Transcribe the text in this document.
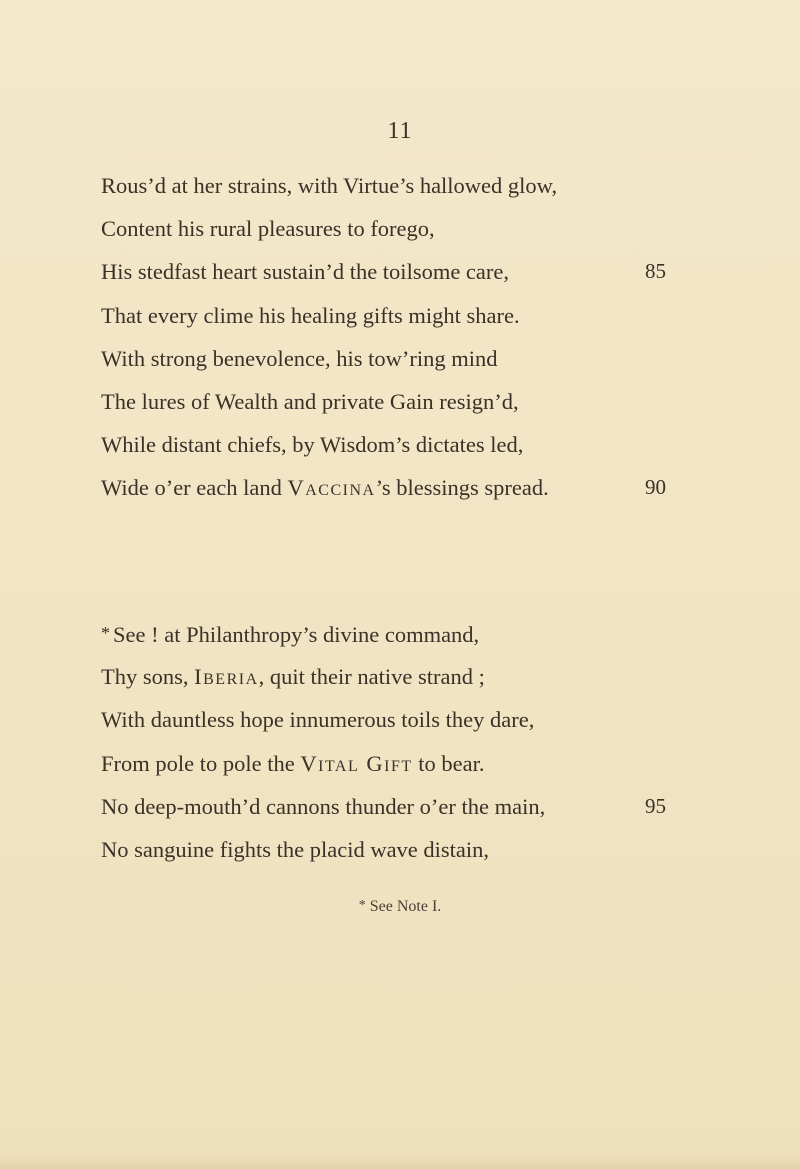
11
Rous’d at her strains, with Virtue’s hallowed glow,
Content his rural pleasures to forego,
His stedfast heart sustain’d the toilsome care,	85
That every clime his healing gifts might share.
With strong benevolence, his tow’ring mind
The lures of Wealth and private Gain resign’d,
While distant chiefs, by Wisdom’s dictates led,
Wide o’er each land Vaccina’s blessings spread.	90
* See ! at Philanthropy’s divine command,
Thy sons, Iberia, quit their native strand ;
With dauntless hope innumerous toils they dare,
From pole to pole the Vital Gift to bear.
No deep-mouth’d cannons thunder o’er the main,	95
No sanguine fights the placid wave distain,
* See Note I.
